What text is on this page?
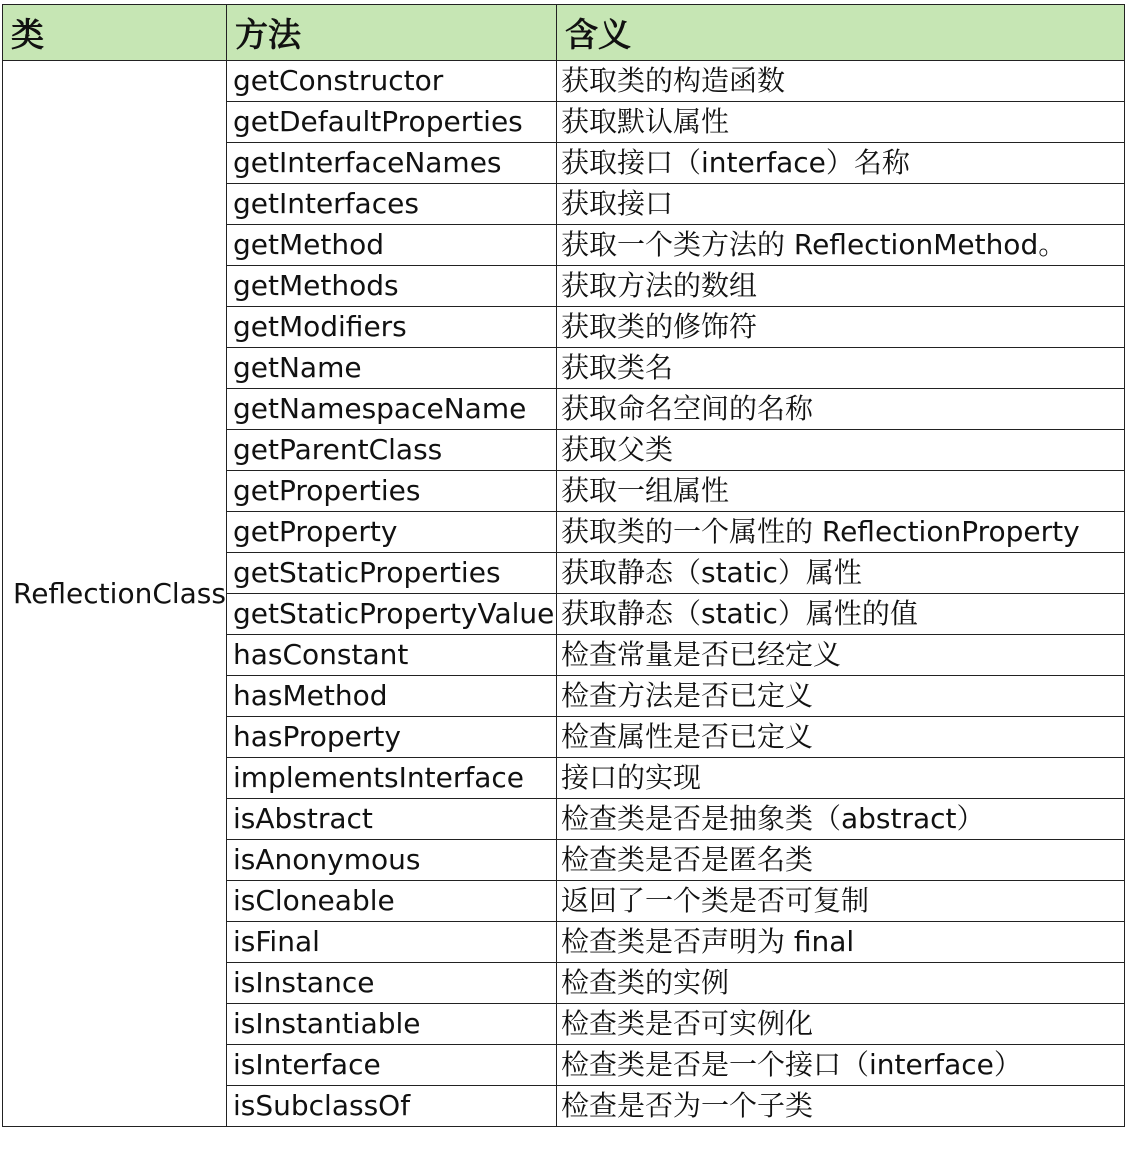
类	方法	含义
ReflectionClass	getConstructor	获取类的构造函数
	getDefaultProperties	获取默认属性
	getInterfaceNames	获取接口（interface）名称
	getInterfaces	获取接口
	getMethod	获取一个类方法的 ReflectionMethod。
	getMethods	获取方法的数组
	getModifiers	获取类的修饰符
	getName	获取类名
	getNamespaceName	获取命名空间的名称
	getParentClass	获取父类
	getProperties	获取一组属性
	getProperty	获取类的一个属性的 ReflectionProperty
	getStaticProperties	获取静态（static）属性
	getStaticPropertyValue	获取静态（static）属性的值
	hasConstant	检查常量是否已经定义
	hasMethod	检查方法是否已定义
	hasProperty	检查属性是否已定义
	implementsInterface	接口的实现
	isAbstract	检查类是否是抽象类（abstract）
	isAnonymous	检查类是否是匿名类
	isCloneable	返回了一个类是否可复制
	isFinal	检查类是否声明为 final
	isInstance	检查类的实例
	isInstantiable	检查类是否可实例化
	isInterface	检查类是否是一个接口（interface）
	isSubclassOf	检查是否为一个子类
